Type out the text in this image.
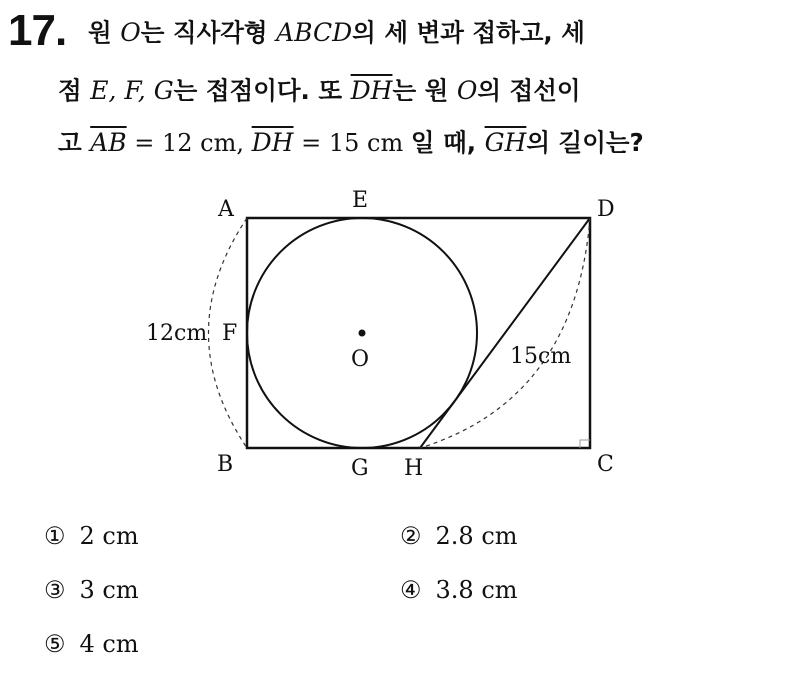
17. 원 O는 직사각형 ABCD의 세 변과 접하고, 세
점 E, F, G는 접점이다. 또 $\overline{DH}$는 원 O의 접선이
고 $\overline{AB} = 12$ cm, $\overline{DH} = 15$ cm 일 때, $\overline{GH}$의 길이는?
A
B	C
D
E
F
G H
O
12cm
15cm
① 2 cm	② 2.8 cm
③ 3 cm	④ 3.8 cm
⑤ 4 cm
